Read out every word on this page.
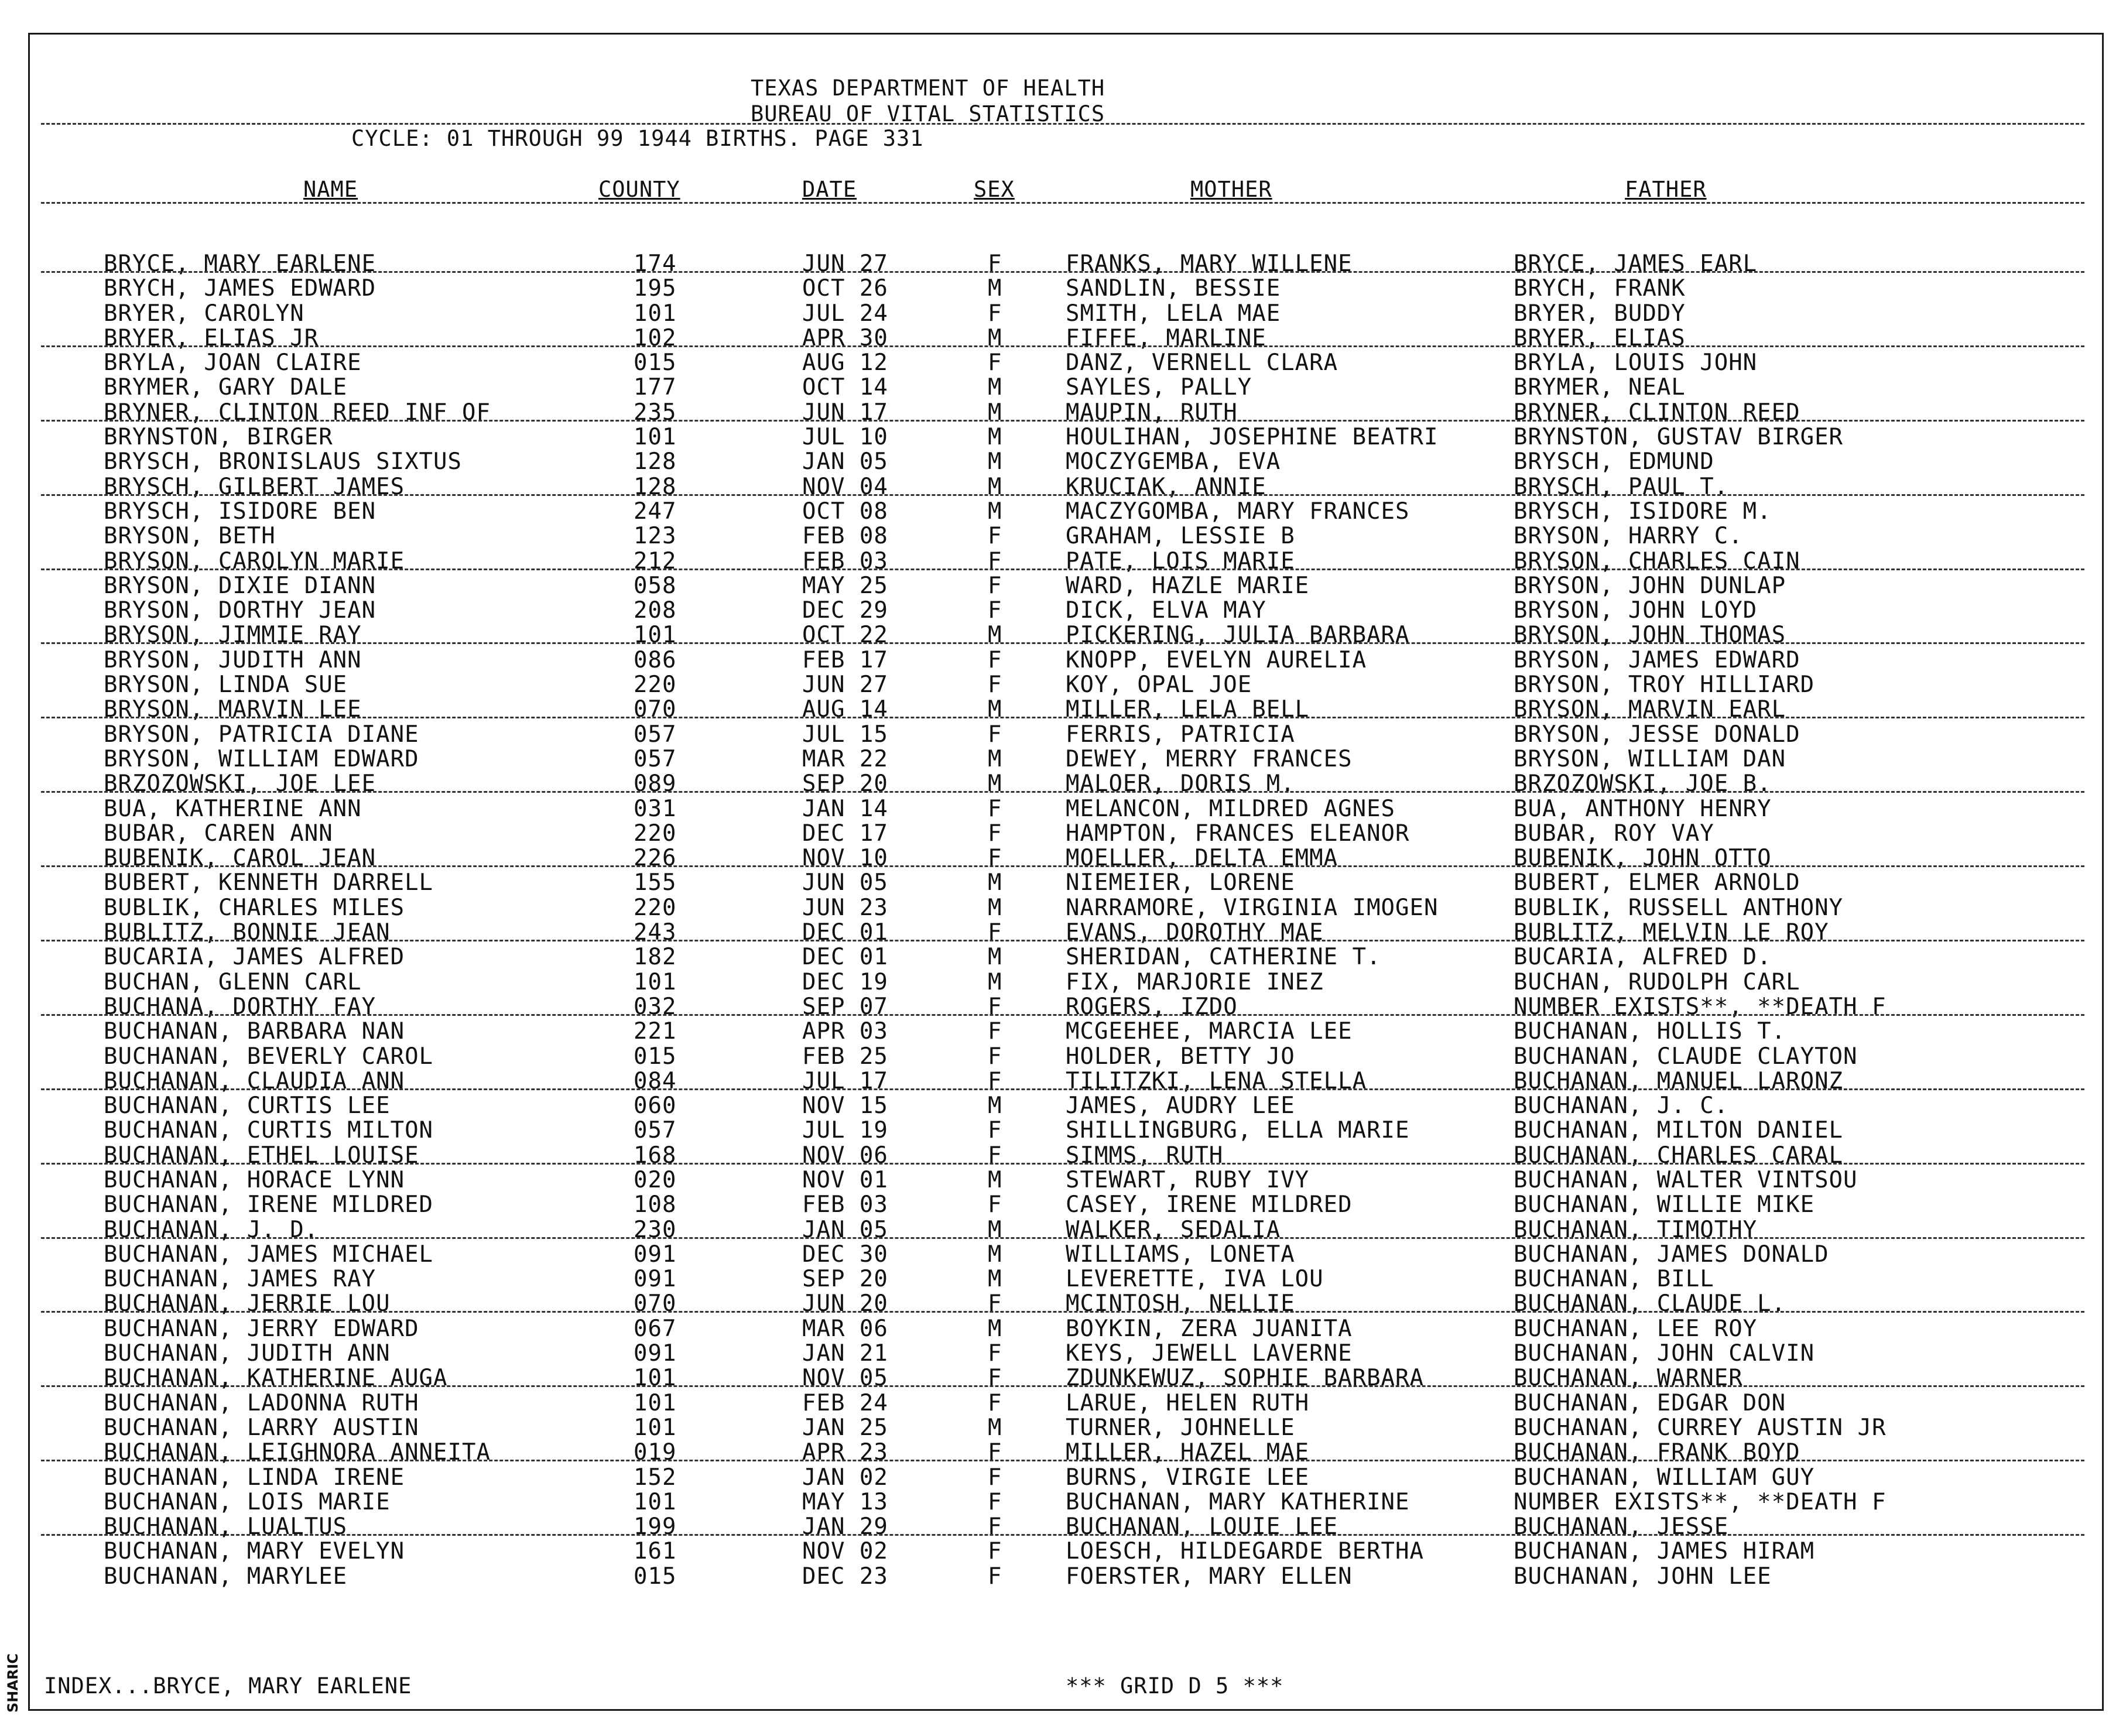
SHARIC
TEXAS DEPARTMENT OF HEALTH
BUREAU OF VITAL STATISTICS
CYCLE: 01 THROUGH 99 1944 BIRTHS. PAGE 331
NAME	COUNTY	DATE	SEX	MOTHER	FATHER
BRYCE, MARY EARLENE	174	JUN 27	F	FRANKS, MARY WILLENE	BRYCE, JAMES EARL
BRYCH, JAMES EDWARD	195	OCT 26	M	SANDLIN, BESSIE	BRYCH, FRANK
BRYER, CAROLYN	101	JUL 24	F	SMITH, LELA MAE	BRYER, BUDDY
BRYER, ELIAS JR	102	APR 30	M	FIFFE, MARLINE	BRYER, ELIAS
BRYLA, JOAN CLAIRE	015	AUG 12	F	DANZ, VERNELL CLARA	BRYLA, LOUIS JOHN
BRYMER, GARY DALE	177	OCT 14	M	SAYLES, PALLY	BRYMER, NEAL
BRYNER, CLINTON REED INF OF	235	JUN 17	M	MAUPIN, RUTH	BRYNER, CLINTON REED
BRYNSTON, BIRGER	101	JUL 10	M	HOULIHAN, JOSEPHINE BEATRI	BRYNSTON, GUSTAV BIRGER
BRYSCH, BRONISLAUS SIXTUS	128	JAN 05	M	MOCZYGEMBA, EVA	BRYSCH, EDMUND
BRYSCH, GILBERT JAMES	128	NOV 04	M	KRUCIAK, ANNIE	BRYSCH, PAUL T.
BRYSCH, ISIDORE BEN	247	OCT 08	M	MACZYGOMBA, MARY FRANCES	BRYSCH, ISIDORE M.
BRYSON, BETH	123	FEB 08	F	GRAHAM, LESSIE B	BRYSON, HARRY C.
BRYSON, CAROLYN MARIE	212	FEB 03	F	PATE, LOIS MARIE	BRYSON, CHARLES CAIN
BRYSON, DIXIE DIANN	058	MAY 25	F	WARD, HAZLE MARIE	BRYSON, JOHN DUNLAP
BRYSON, DORTHY JEAN	208	DEC 29	F	DICK, ELVA MAY	BRYSON, JOHN LOYD
BRYSON, JIMMIE RAY	101	OCT 22	M	PICKERING, JULIA BARBARA	BRYSON, JOHN THOMAS
BRYSON, JUDITH ANN	086	FEB 17	F	KNOPP, EVELYN AURELIA	BRYSON, JAMES EDWARD
BRYSON, LINDA SUE	220	JUN 27	F	KOY, OPAL JOE	BRYSON, TROY HILLIARD
BRYSON, MARVIN LEE	070	AUG 14	M	MILLER, LELA BELL	BRYSON, MARVIN EARL
BRYSON, PATRICIA DIANE	057	JUL 15	F	FERRIS, PATRICIA	BRYSON, JESSE DONALD
BRYSON, WILLIAM EDWARD	057	MAR 22	M	DEWEY, MERRY FRANCES	BRYSON, WILLIAM DAN
BRZOZOWSKI, JOE LEE	089	SEP 20	M	MALOER, DORIS M.	BRZOZOWSKI, JOE B.
BUA, KATHERINE ANN	031	JAN 14	F	MELANCON, MILDRED AGNES	BUA, ANTHONY HENRY
BUBAR, CAREN ANN	220	DEC 17	F	HAMPTON, FRANCES ELEANOR	BUBAR, ROY VAY
BUBENIK, CAROL JEAN	226	NOV 10	F	MOELLER, DELTA EMMA	BUBENIK, JOHN OTTO
BUBERT, KENNETH DARRELL	155	JUN 05	M	NIEMEIER, LORENE	BUBERT, ELMER ARNOLD
BUBLIK, CHARLES MILES	220	JUN 23	M	NARRAMORE, VIRGINIA IMOGEN	BUBLIK, RUSSELL ANTHONY
BUBLITZ, BONNIE JEAN	243	DEC 01	F	EVANS, DOROTHY MAE	BUBLITZ, MELVIN LE ROY
BUCARIA, JAMES ALFRED	182	DEC 01	M	SHERIDAN, CATHERINE T.	BUCARIA, ALFRED D.
BUCHAN, GLENN CARL	101	DEC 19	M	FIX, MARJORIE INEZ	BUCHAN, RUDOLPH CARL
BUCHANA, DORTHY FAY	032	SEP 07	F	ROGERS, IZDO	NUMBER EXISTS**, **DEATH F
BUCHANAN, BARBARA NAN	221	APR 03	F	MCGEEHEE, MARCIA LEE	BUCHANAN, HOLLIS T.
BUCHANAN, BEVERLY CAROL	015	FEB 25	F	HOLDER, BETTY JO	BUCHANAN, CLAUDE CLAYTON
BUCHANAN, CLAUDIA ANN	084	JUL 17	F	TILITZKI, LENA STELLA	BUCHANAN, MANUEL LARONZ
BUCHANAN, CURTIS LEE	060	NOV 15	M	JAMES, AUDRY LEE	BUCHANAN, J. C.
BUCHANAN, CURTIS MILTON	057	JUL 19	F	SHILLINGBURG, ELLA MARIE	BUCHANAN, MILTON DANIEL
BUCHANAN, ETHEL LOUISE	168	NOV 06	F	SIMMS, RUTH	BUCHANAN, CHARLES CARAL
BUCHANAN, HORACE LYNN	020	NOV 01	M	STEWART, RUBY IVY	BUCHANAN, WALTER VINTSOU
BUCHANAN, IRENE MILDRED	108	FEB 03	F	CASEY, IRENE MILDRED	BUCHANAN, WILLIE MIKE
BUCHANAN, J. D.	230	JAN 05	M	WALKER, SEDALIA	BUCHANAN, TIMOTHY
BUCHANAN, JAMES MICHAEL	091	DEC 30	M	WILLIAMS, LONETA	BUCHANAN, JAMES DONALD
BUCHANAN, JAMES RAY	091	SEP 20	M	LEVERETTE, IVA LOU	BUCHANAN, BILL
BUCHANAN, JERRIE LOU	070	JUN 20	F	MCINTOSH, NELLIE	BUCHANAN, CLAUDE L.
BUCHANAN, JERRY EDWARD	067	MAR 06	M	BOYKIN, ZERA JUANITA	BUCHANAN, LEE ROY
BUCHANAN, JUDITH ANN	091	JAN 21	F	KEYS, JEWELL LAVERNE	BUCHANAN, JOHN CALVIN
BUCHANAN, KATHERINE AUGA	101	NOV 05	F	ZDUNKEWUZ, SOPHIE BARBARA	BUCHANAN, WARNER
BUCHANAN, LADONNA RUTH	101	FEB 24	F	LARUE, HELEN RUTH	BUCHANAN, EDGAR DON
BUCHANAN, LARRY AUSTIN	101	JAN 25	M	TURNER, JOHNELLE	BUCHANAN, CURREY AUSTIN JR
BUCHANAN, LEIGHNORA ANNEITA	019	APR 23	F	MILLER, HAZEL MAE	BUCHANAN, FRANK BOYD
BUCHANAN, LINDA IRENE	152	JAN 02	F	BURNS, VIRGIE LEE	BUCHANAN, WILLIAM GUY
BUCHANAN, LOIS MARIE	101	MAY 13	F	BUCHANAN, MARY KATHERINE	NUMBER EXISTS**, **DEATH F
BUCHANAN, LUALTUS	199	JAN 29	F	BUCHANAN, LOUIE LEE	BUCHANAN, JESSE
BUCHANAN, MARY EVELYN	161	NOV 02	F	LOESCH, HILDEGARDE BERTHA	BUCHANAN, JAMES HIRAM
BUCHANAN, MARYLEE	015	DEC 23	F	FOERSTER, MARY ELLEN	BUCHANAN, JOHN LEE
INDEX...BRYCE, MARY EARLENE	*** GRID D 5 ***
